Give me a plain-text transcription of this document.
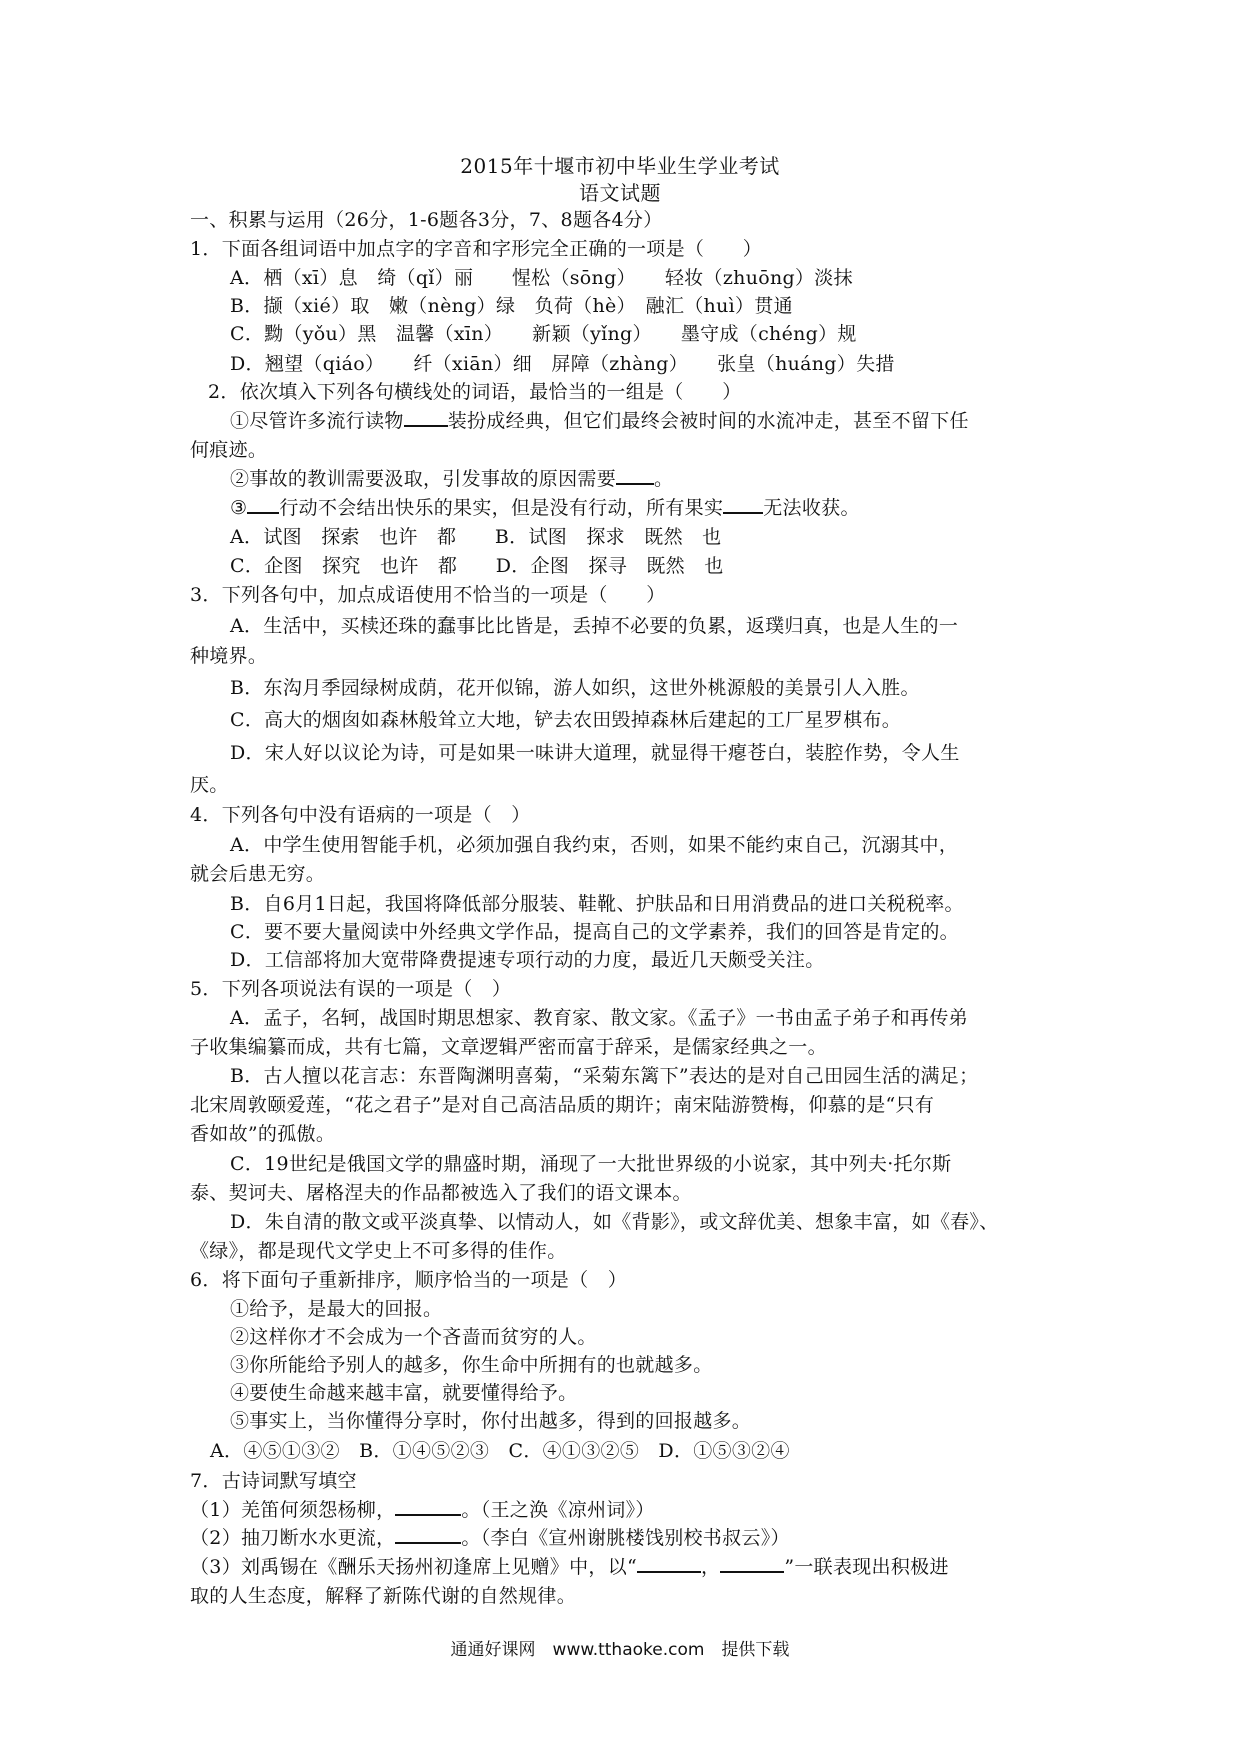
2015年十堰市初中毕业生学业考试
语文试题
一、积累与运用（26分，1-6题各3分，7、8题各4分）
1．下面各组词语中加点字的字音和字形完全正确的一项是（　　）
A．栖（xī）息　绮（qǐ）丽　　惺松（sōng）　　轻妆（zhuōng）淡抹
B．撷（xié）取　嫩（nèng）绿　负荷（hè）　融汇（huì）贯通
C．黝（yǒu）黑　温馨（xīn）　　新颖（yǐng）　　墨守成（chéng）规
D．翘望（qiáo）　　纤（xiān）细　屏障（zhàng）　　张皇（huáng）失措
2．依次填入下列各句横线处的词语，最恰当的一组是（　　）
①尽管许多流行读物 装扮成经典，但它们最终会被时间的水流冲走，甚至不留下任
何痕迹。
②事故的教训需要汲取，引发事故的原因需要 。
③ 行动不会结出快乐的果实，但是没有行动，所有果实 无法收获。
A．试图　探索　也许　都　　B．试图　探求　既然　也
C．企图　探究　也许　都　　D．企图　探寻　既然　也
3．下列各句中，加点成语使用不恰当的一项是（　　）
A．生活中，买椟还珠的蠢事比比皆是，丢掉不必要的负累，返璞归真，也是人生的一
种境界。
B．东沟月季园绿树成荫，花开似锦，游人如织，这世外桃源般的美景引人入胜。
C．高大的烟囱如森林般耸立大地，铲去农田毁掉森林后建起的工厂星罗棋布。
D．宋人好以议论为诗，可是如果一味讲大道理，就显得干瘪苍白，装腔作势，令人生
厌。
4．下列各句中没有语病的一项是（　）
A．中学生使用智能手机，必须加强自我约束，否则，如果不能约束自己，沉溺其中，
就会后患无穷。
B．自6月1日起，我国将降低部分服装、鞋靴、护肤品和日用消费品的进口关税税率。
C．要不要大量阅读中外经典文学作品，提高自己的文学素养，我们的回答是肯定的。
D．工信部将加大宽带降费提速专项行动的力度，最近几天颇受关注。
5．下列各项说法有误的一项是（　）
A．孟子，名轲，战国时期思想家、教育家、散文家。《孟子》一书由孟子弟子和再传弟
子收集编纂而成，共有七篇，文章逻辑严密而富于辞采，是儒家经典之一。
B．古人擅以花言志：东晋陶渊明喜菊，“采菊东篱下”表达的是对自己田园生活的满足；
北宋周敦颐爱莲，“花之君子”是对自己高洁品质的期许；南宋陆游赞梅，仰慕的是“只有
香如故”的孤傲。
C．19世纪是俄国文学的鼎盛时期，涌现了一大批世界级的小说家，其中列夫·托尔斯
泰、契诃夫、屠格涅夫的作品都被选入了我们的语文课本。
D．朱自清的散文或平淡真挚、以情动人，如《背影》，或文辞优美、想象丰富，如《春》、
《绿》，都是现代文学史上不可多得的佳作。
6．将下面句子重新排序，顺序恰当的一项是（　）
①给予，是最大的回报。
②这样你才不会成为一个吝啬而贫穷的人。
③你所能给予别人的越多，你生命中所拥有的也就越多。
④要使生命越来越丰富，就要懂得给予。
⑤事实上，当你懂得分享时，你付出越多，得到的回报越多。
A．④⑤①③②　B．①④⑤②③　C．④①③②⑤　D．①⑤③②④
7．古诗词默写填空
（1）羌笛何须怨杨柳，	。（王之涣《凉州词》）
（2）抽刀断水水更流，	。（李白《宣州谢朓楼饯别校书叔云》）
（3）刘禹锡在《酬乐天扬州初逢席上见赠》中，以“	，	”一联表现出积极进
取的人生态度，解释了新陈代谢的自然规律。
通通好课网　www.tthaoke.com　提供下载
